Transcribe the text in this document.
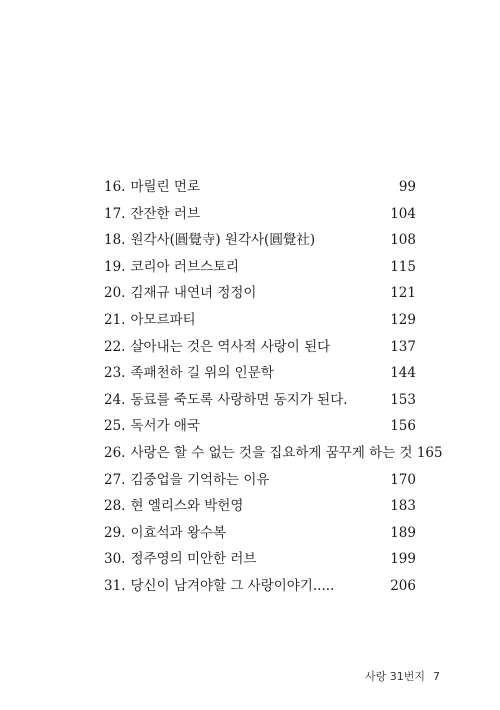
16. 마릴린 먼로	99
17. 잔잔한 러브	104
18. 원각사(圓覺寺) 원각사(圓覺社)	108
19. 코리아 러브스토리	115
20. 김재규 내연녀 정정이	121
21. 아모르파티	129
22. 살아내는 것은 역사적 사랑이 된다	137
23. 족패천하 길 위의 인문학	144
24. 동료를 죽도록 사랑하면 동지가 된다.	153
25. 독서가 애국	156
26. 사랑은 할 수 없는 것을 집요하게 꿈꾸게 하는 것 165
27. 김중업을 기억하는 이유	170
28. 현 엘리스와 박헌영	183
29. 이효석과 왕수복	189
30. 정주영의 미안한 러브	199
31. 당신이 남겨야할 그 사랑이야기.....	206
사랑 31번지 7
